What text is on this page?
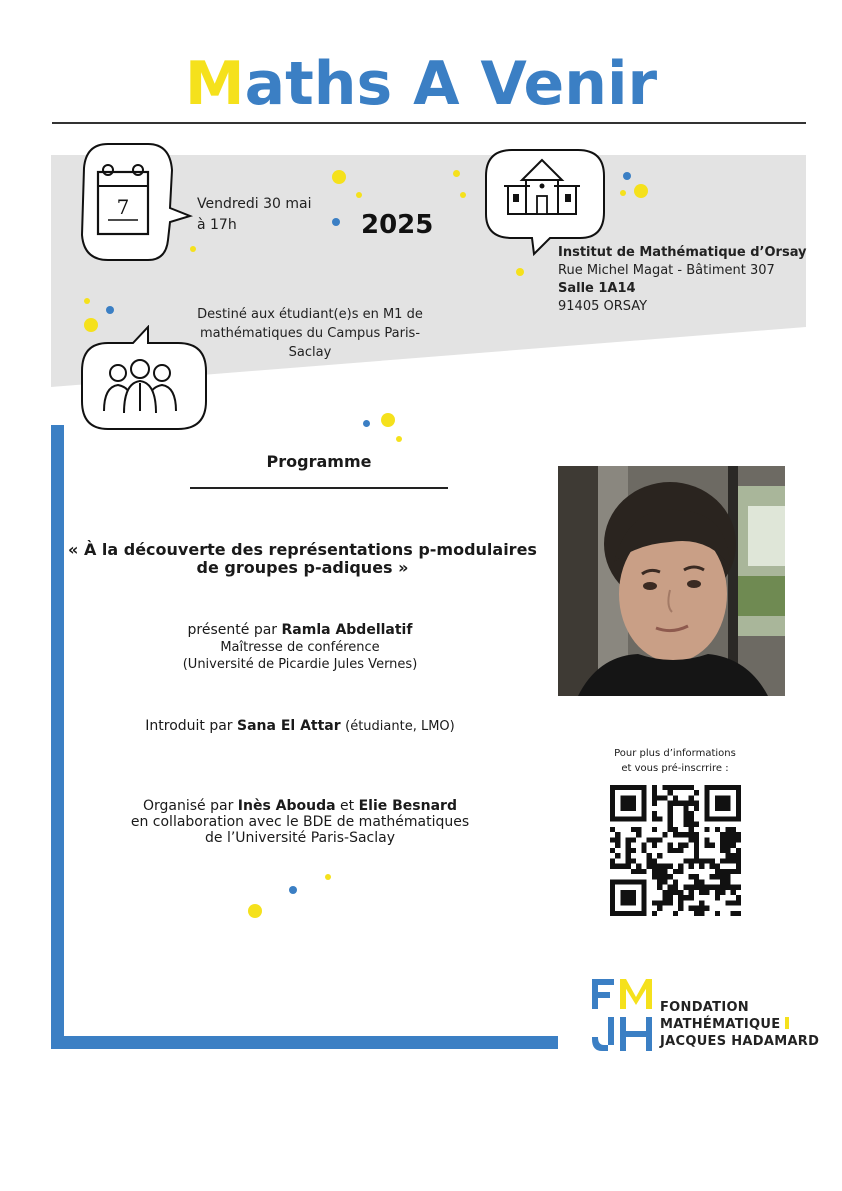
Maths A Venir
7	Vendredi 30 mai
à 17h	2025
Institut de Mathématique d’Orsay
Rue Michel Magat - Bâtiment 307
Salle 1A14
91405 ORSAY
Destiné aux étudiant(e)s en M1 de
mathématiques du Campus Paris-Saclay
Programme
« À la découverte des représentations p-modulaires
de groupes p-adiques »
présenté par Ramla Abdellatif
Maîtresse de conférence
(Université de Picardie Jules Vernes)
Introduit par Sana El Attar (étudiante, LMO)
Organisé par Inès Abouda et Elie Besnard
en collaboration avec le BDE de mathématiques
de l’Université Paris-Saclay
Pour plus d’informations
et vous pré-inscrrire :
FONDATION
MATHÉMATIQUE
JACQUES HADAMARD
